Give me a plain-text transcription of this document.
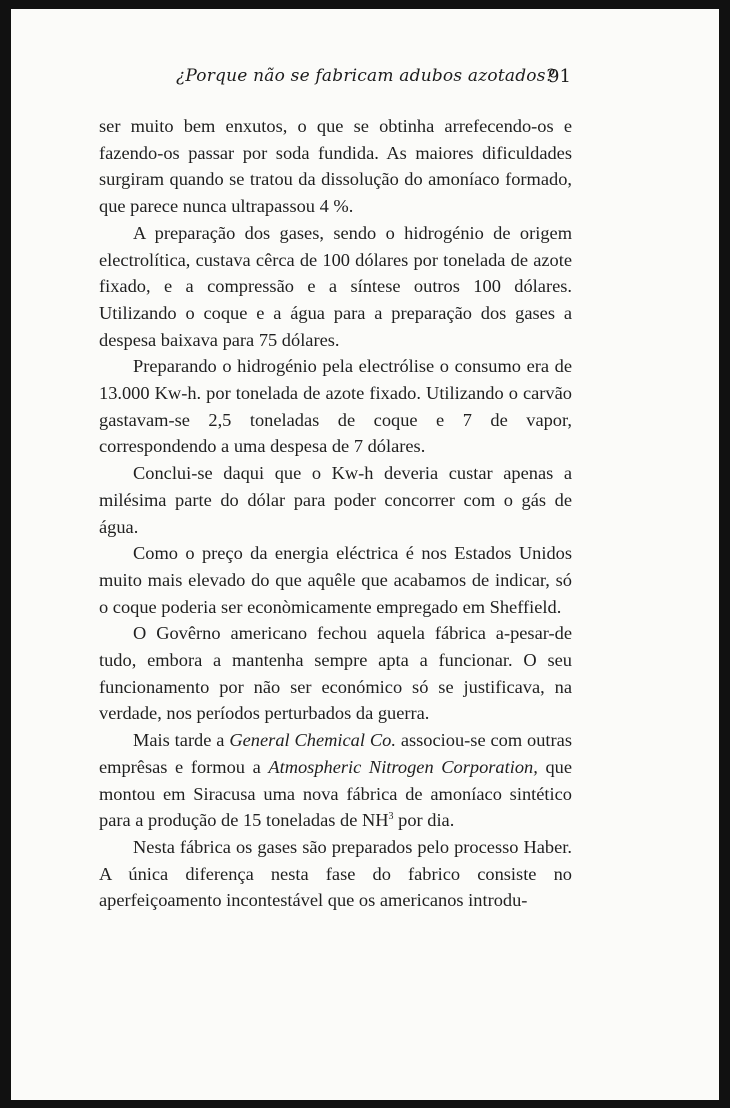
¿Porque não se fabricam adubos azotados?
91

ser muito bem enxutos, o que se obtinha arrefecendo-os e fazendo-os passar por soda fundida. As maiores dificuldades surgiram quando se tratou da dissolução do amoníaco formado, que parece nunca ultrapassou 4 %.

A preparação dos gases, sendo o hidrogénio de origem electrolítica, custava cêrca de 100 dólares por tonelada de azote fixado, e a compressão e a síntese outros 100 dólares. Utilizando o coque e a água para a preparação dos gases a despesa baixava para 75 dólares.

Preparando o hidrogénio pela electrólise o consumo era de 13.000 Kw-h. por tonelada de azote fixado. Utilizando o carvão gastavam-se 2,5 toneladas de coque e 7 de vapor, correspondendo a uma despesa de 7 dólares.

Conclui-se daqui que o Kw-h deveria custar apenas a milésima parte do dólar para poder concorrer com o gás de água.

Como o preço da energia eléctrica é nos Estados Unidos muito mais elevado do que aquêle que acabamos de indicar, só o coque poderia ser econòmicamente empregado em Sheffield.

O Govêrno americano fechou aquela fábrica a-pesar-de tudo, embora a mantenha sempre apta a funcionar. O seu funcionamento por não ser económico só se justificava, na verdade, nos períodos perturbados da guerra.

Mais tarde a General Chemical Co. associou-se com outras emprêsas e formou a Atmospheric Nitrogen Corporation, que montou em Siracusa uma nova fábrica de amoníaco sintético para a produção de 15 toneladas de $NH^3$ por dia.

Nesta fábrica os gases são preparados pelo processo Haber. A única diferença nesta fase do fabrico consiste no aperfeiçoamento incontestável que os americanos introdu-
